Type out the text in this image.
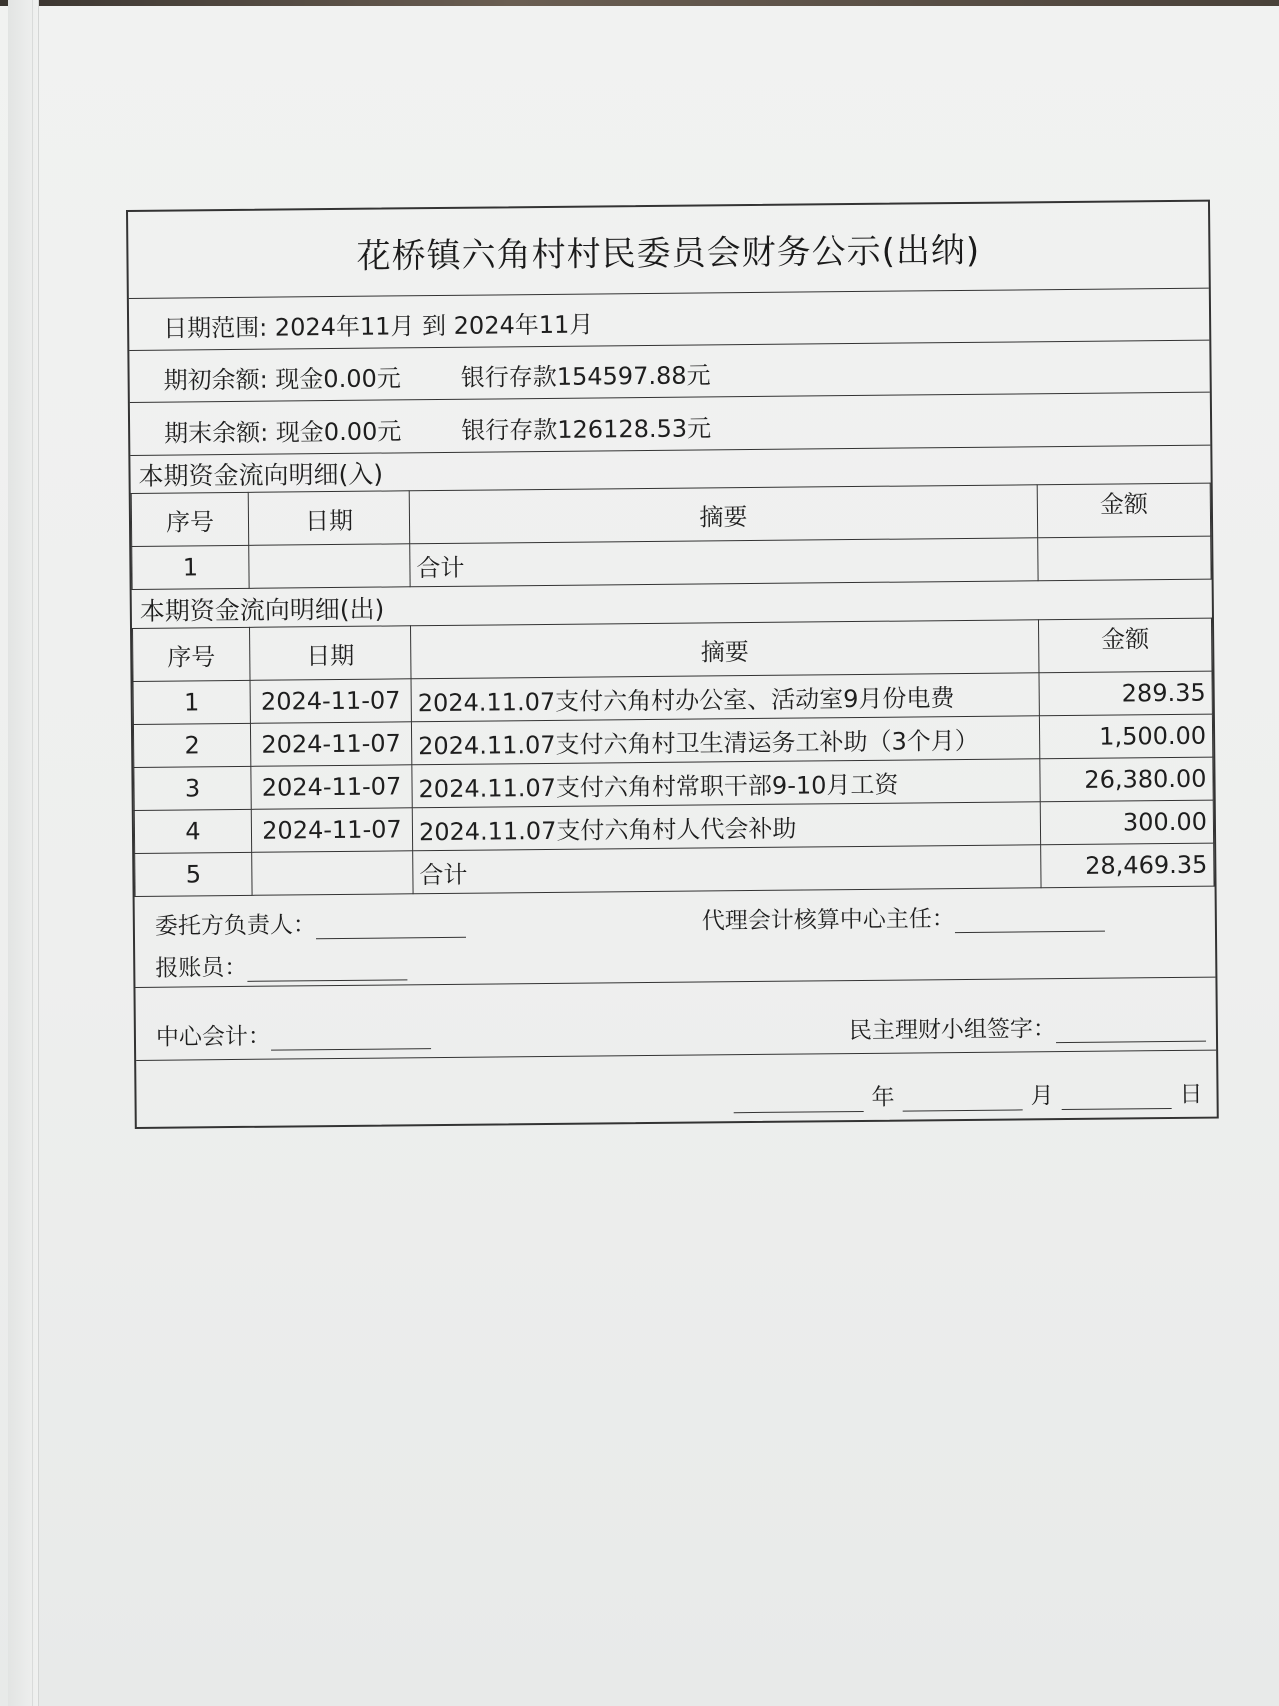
花桥镇六角村村民委员会财务公示(出纳)
日期范围: 2024年11月 到 2024年11月
期初余额: 现金0.00元 银行存款154597.88元
期末余额: 现金0.00元 银行存款126128.53元
本期资金流向明细(入)
序号	日期	摘要	金额
1		合计	
本期资金流向明细(出)
序号	日期	摘要	金额
1	2024-11-07	2024.11.07支付六角村办公室、活动室9月份电费	289.35
2	2024-11-07	2024.11.07支付六角村卫生清运务工补助（3个月）	1,500.00
3	2024-11-07	2024.11.07支付六角村常职干部9-10月工资	26,380.00
4	2024-11-07	2024.11.07支付六角村人代会补助	300.00
5		合计	28,469.35
委托方负责人：	代理会计核算中心主任：
报账员：
中心会计：	民主理财小组签字：
年	月	日
